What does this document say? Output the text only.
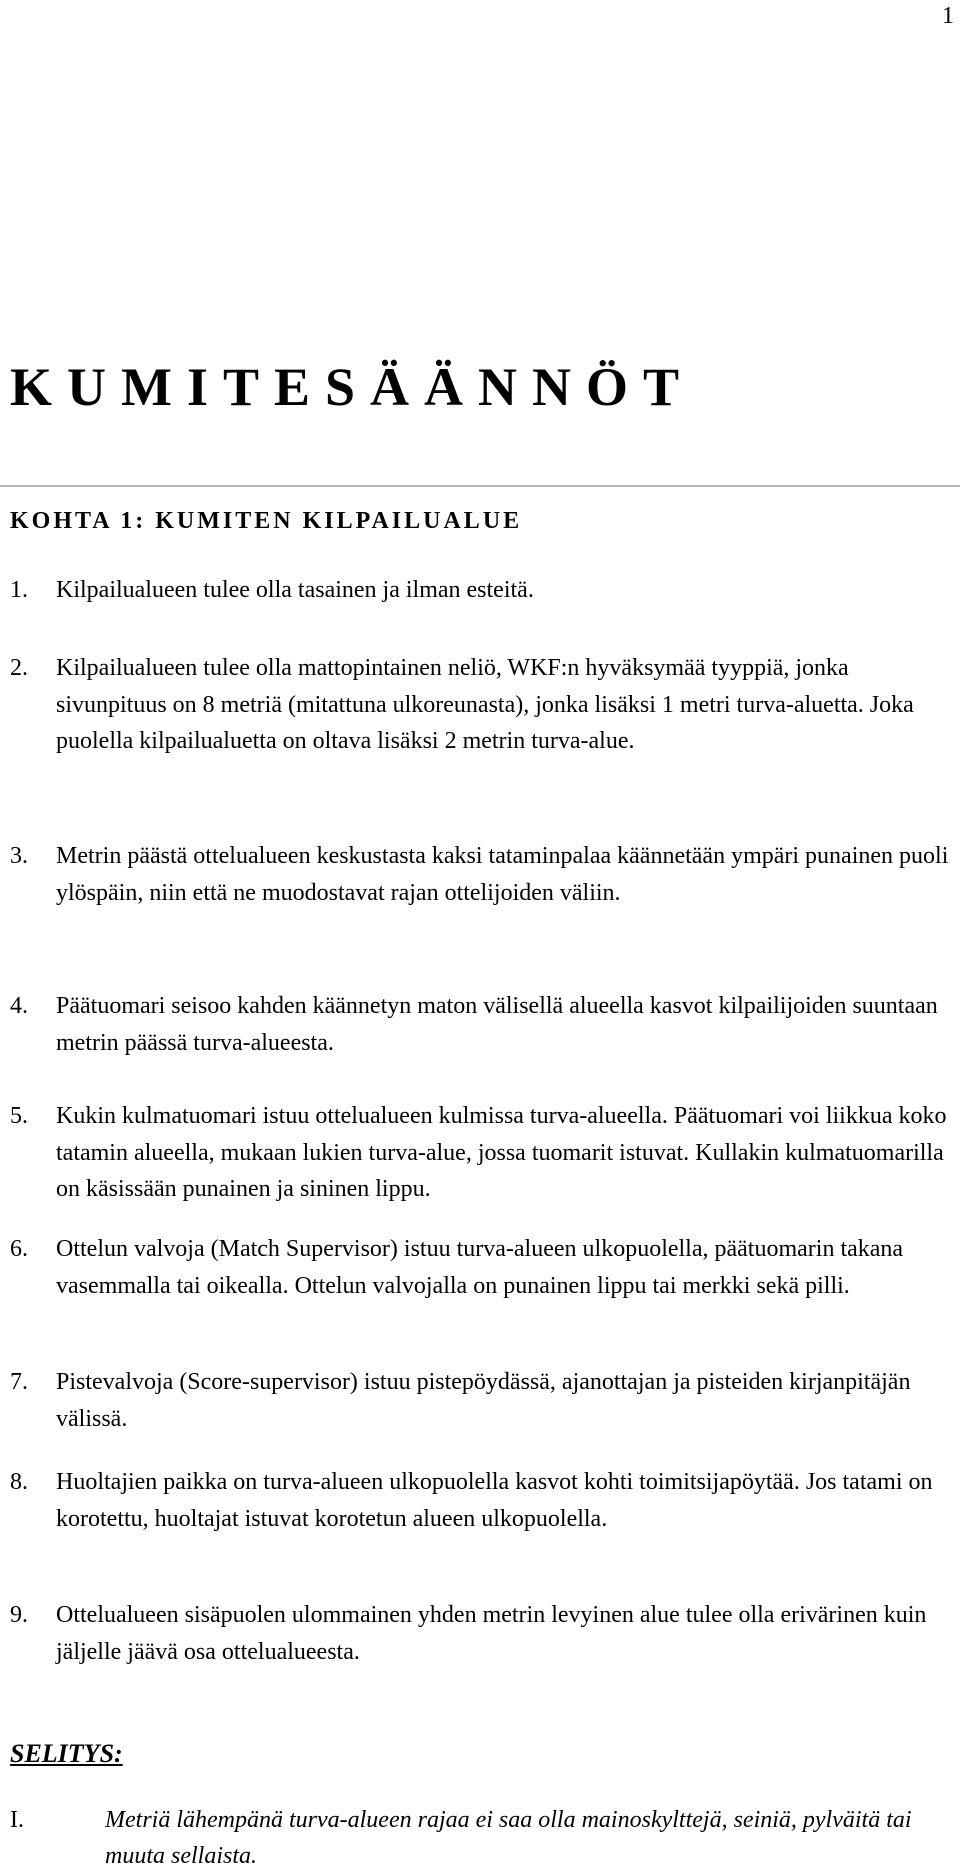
1
KUMITESÄÄNNÖT
KOHTA 1: KUMITEN KILPAILUALUE
1.	Kilpailualueen tulee olla tasainen ja ilman esteitä.
2.	Kilpailualueen tulee olla mattopintainen neliö, WKF:n hyväksymää tyyppiä, jonka sivunpituus on 8 metriä (mitattuna ulkoreunasta), jonka lisäksi 1 metri turva-aluetta. Joka puolella kilpailualuetta on oltava lisäksi 2 metrin turva-alue.
3.	Metrin päästä ottelualueen keskustasta kaksi tataminpalaa käännetään ympäri punainen puoli ylöspäin, niin että ne muodostavat rajan ottelijoiden väliin.
4.	Päätuomari seisoo kahden käännetyn maton välisellä alueella kasvot kilpailijoiden suuntaan metrin päässä turva-alueesta.
5.	Kukin kulmatuomari istuu ottelualueen kulmissa turva-alueella. Päätuomari voi liikkua koko tatamin alueella, mukaan lukien turva-alue, jossa tuomarit istuvat. Kullakin kulmatuomarilla on käsissään punainen ja sininen lippu.
6.	Ottelun valvoja (Match Supervisor) istuu turva-alueen ulkopuolella, päätuomarin takana vasemmalla tai oikealla. Ottelun valvojalla on punainen lippu tai merkki sekä pilli.
7.	Pistevalvoja (Score-supervisor) istuu pistepöydässä, ajanottajan ja pisteiden kirjanpitäjän välissä.
8.	Huoltajien paikka on turva-alueen ulkopuolella kasvot kohti toimitsijapöytää. Jos tatami on korotettu, huoltajat istuvat korotetun alueen ulkopuolella.
9.	Ottelualueen sisäpuolen ulommainen yhden metrin levyinen alue tulee olla erivärinen kuin jäljelle jäävä osa ottelualueesta.
SELITYS:
I.	Metriä lähempänä turva-alueen rajaa ei saa olla mainoskylttejä, seiniä, pylväitä tai muuta sellaista.
